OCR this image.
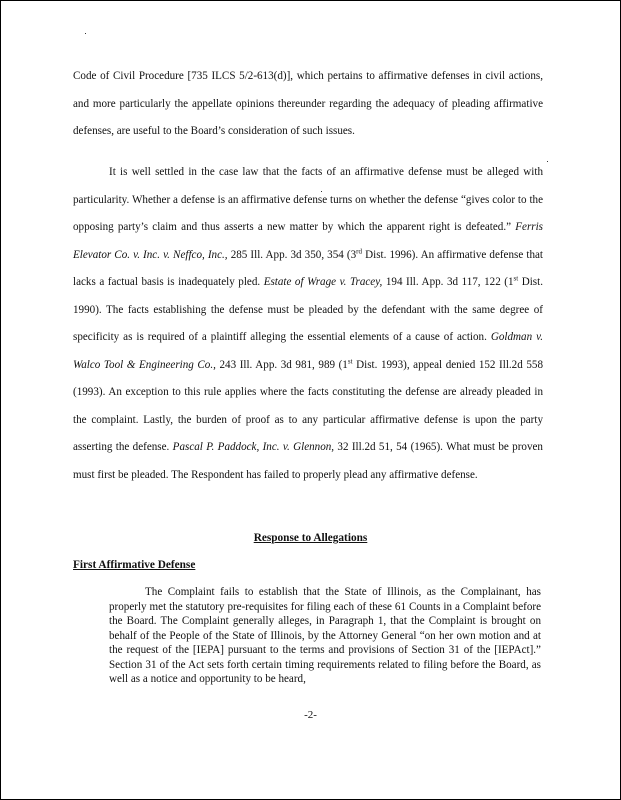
Code of Civil Procedure [735 ILCS 5/2-613(d)], which pertains to affirmative defenses in civil actions, and more particularly the appellate opinions thereunder regarding the adequacy of pleading affirmative defenses, are useful to the Board’s consideration of such issues.
It is well settled in the case law that the facts of an affirmative defense must be alleged with particularity. Whether a defense is an affirmative defense turns on whether the defense “gives color to the opposing party’s claim and thus asserts a new matter by which the apparent right is defeated.” Ferris Elevator Co. v. Inc. v. Neffco, Inc., 285 Ill. App. 3d 350, 354 (3rd Dist. 1996). An affirmative defense that lacks a factual basis is inadequately pled. Estate of Wrage v. Tracey, 194 Ill. App. 3d 117, 122 (1st Dist. 1990). The facts establishing the defense must be pleaded by the defendant with the same degree of specificity as is required of a plaintiff alleging the essential elements of a cause of action. Goldman v. Walco Tool & Engineering Co., 243 Ill. App. 3d 981, 989 (1st Dist. 1993), appeal denied 152 Ill.2d 558 (1993). An exception to this rule applies where the facts constituting the defense are already pleaded in the complaint. Lastly, the burden of proof as to any particular affirmative defense is upon the party asserting the defense. Pascal P. Paddock, Inc. v. Glennon, 32 Ill.2d 51, 54 (1965). What must be proven must first be pleaded. The Respondent has failed to properly plead any affirmative defense.
Response to Allegations
First Affirmative Defense
The Complaint fails to establish that the State of Illinois, as the Complainant, has properly met the statutory pre-requisites for filing each of these 61 Counts in a Complaint before the Board. The Complaint generally alleges, in Paragraph 1, that the Complaint is brought on behalf of the People of the State of Illinois, by the Attorney General “on her own motion and at the request of the [IEPA] pursuant to the terms and provisions of Section 31 of the [IEPAct].” Section 31 of the Act sets forth certain timing requirements related to filing before the Board, as well as a notice and opportunity to be heard,
-2-
